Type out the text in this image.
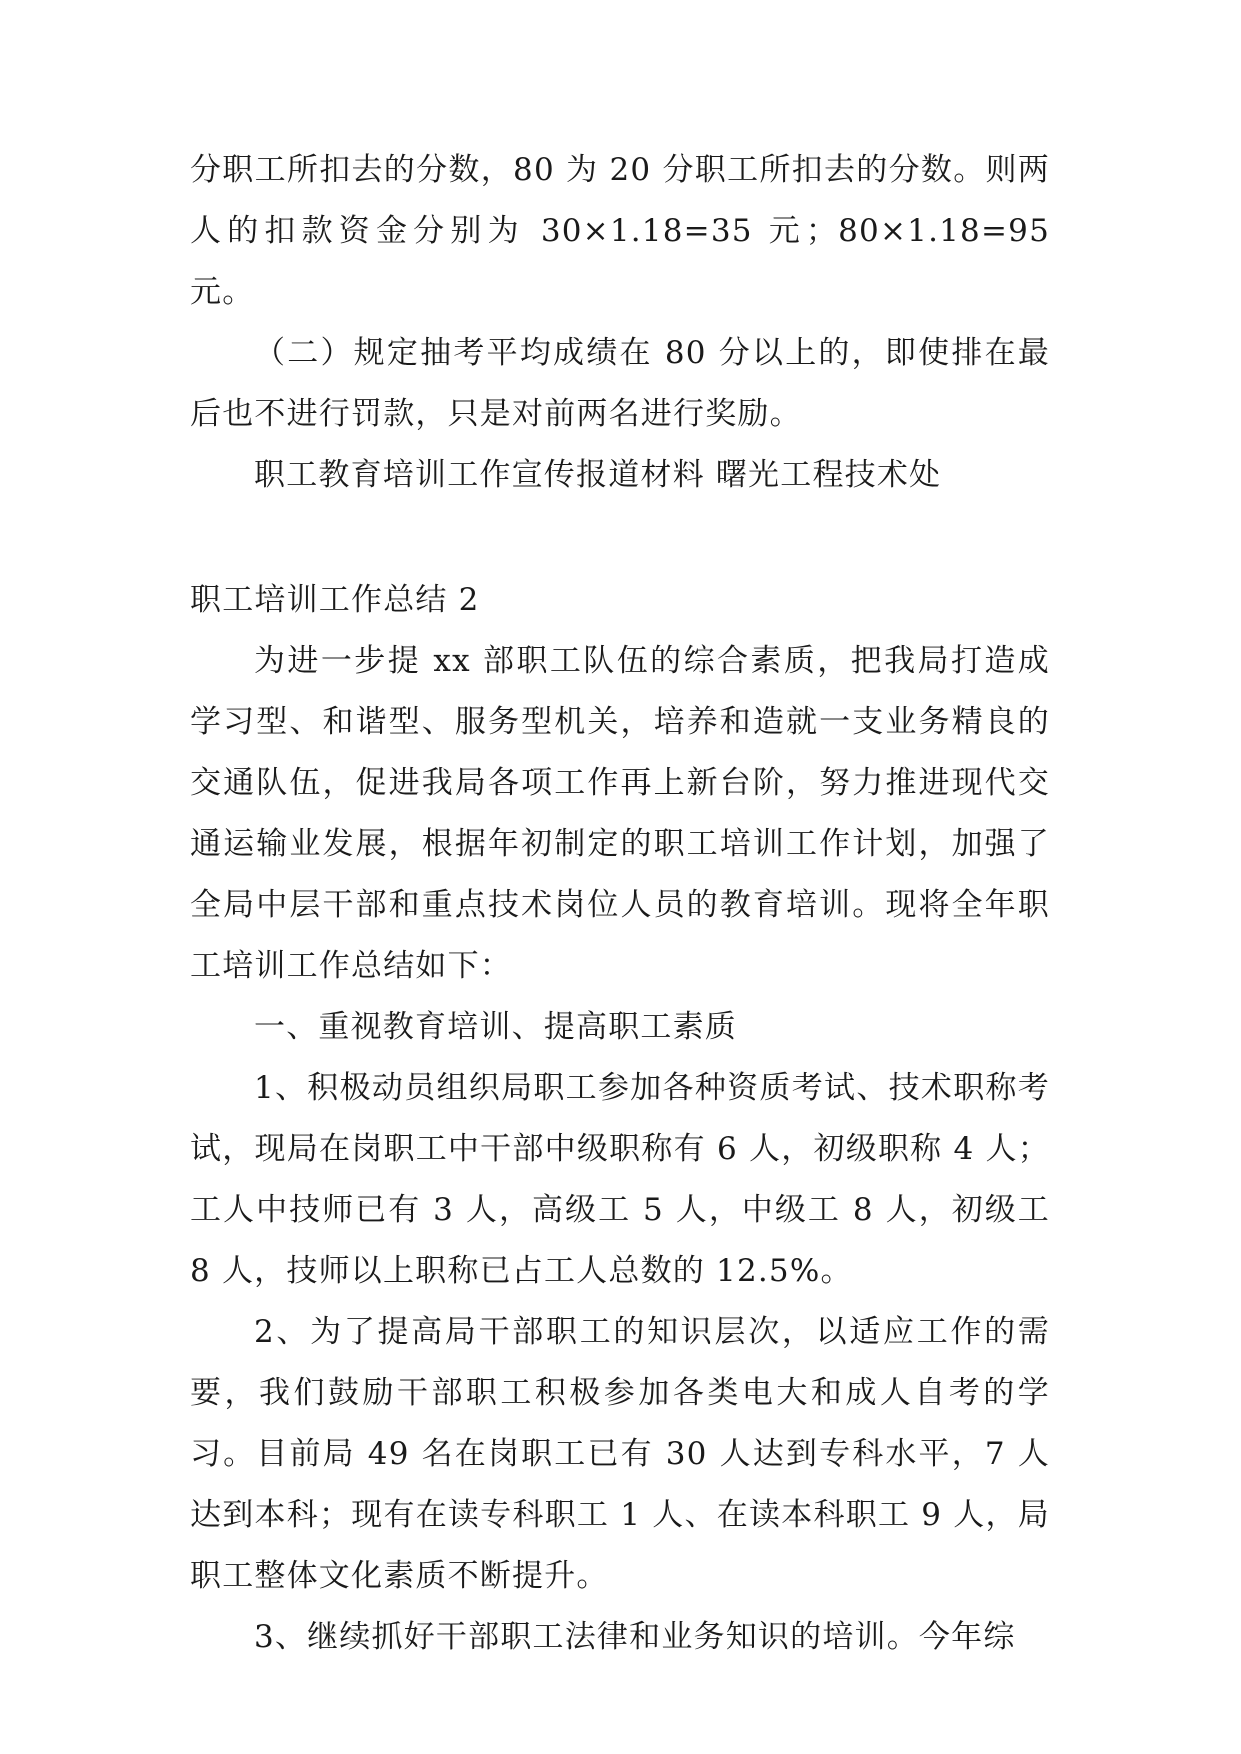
分职工所扣去的分数，80 为 20 分职工所扣去的分数。则两人的扣款资金分别为 30×1.18=35 元；80×1.18=95 元。

（二）规定抽考平均成绩在 80 分以上的，即使排在最后也不进行罚款，只是对前两名进行奖励。

职工教育培训工作宣传报道材料 曙光工程技术处

职工培训工作总结 2

为进一步提 xx 部职工队伍的综合素质，把我局打造成学习型、和谐型、服务型机关，培养和造就一支业务精良的交通队伍，促进我局各项工作再上新台阶，努力推进现代交通运输业发展，根据年初制定的职工培训工作计划，加强了全局中层干部和重点技术岗位人员的教育培训。现将全年职工培训工作总结如下：

一、重视教育培训、提高职工素质

1、积极动员组织局职工参加各种资质考试、技术职称考试，现局在岗职工中干部中级职称有 6 人，初级职称 4 人；工人中技师已有 3 人，高级工 5 人，中级工 8 人，初级工 8 人，技师以上职称已占工人总数的 12.5%。

2、为了提高局干部职工的知识层次，以适应工作的需要，我们鼓励干部职工积极参加各类电大和成人自考的学习。目前局 49 名在岗职工已有 30 人达到专科水平，7 人达到本科；现有在读专科职工 1 人、在读本科职工 9 人，局职工整体文化素质不断提升。

3、继续抓好干部职工法律和业务知识的培训。今年综
